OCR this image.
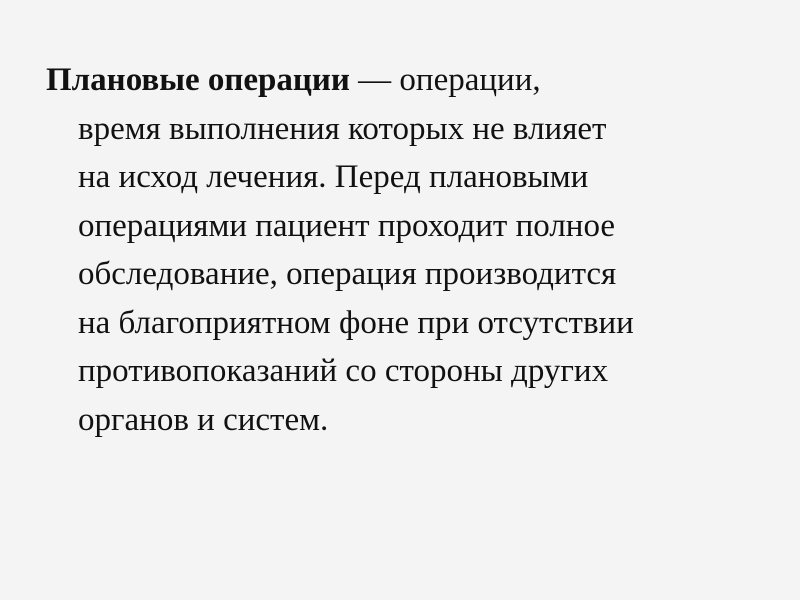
Плановые операции — операции,
время выполнения которых не влияет
на исход лечения. Перед плановыми
операциями пациент проходит полное
обследование, операция производится
на благоприятном фоне при отсутствии
противопоказаний со стороны других
органов и систем.
